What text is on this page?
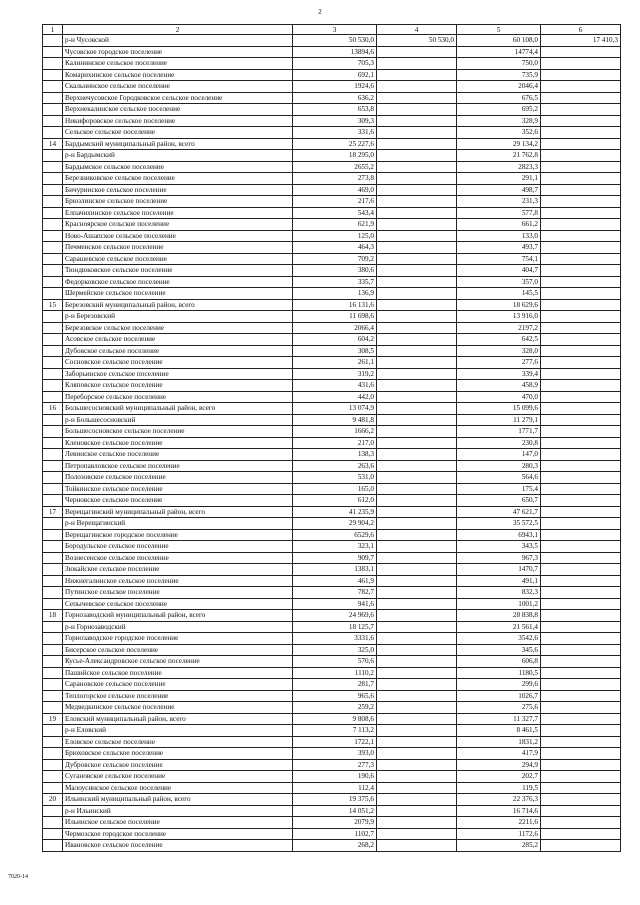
2
1	2	3	4	5	6
	р-н Чусовской	50 530,0	50 530,0	60 108,0	17 410,3
	Чусовское городское поселение	13894,6		14774,4	
	Калининское сельское поселение	705,3		750,0	
	Комарихинское сельское поселение	692,1		735,9	
	Скальнинское сельское поселение	1924,6		2046,4	
	Верхнечусовское Городковское сельское поселение	636,2		676,5	
	Верхнекалинское сельское поселение	653,8		695,2	
	Никифоровское сельское поселение	309,3		328,9	
	Сельское сельское поселение	331,6		352,6	
14	Бардымский муниципальный район, всего	25 227,6		29 134,2	
	р-н Бардымский	18 295,0		21 762,8	
	Бардымское сельское поселение	2655,2		2823,3	
	Березниковское сельское поселение	273,8		291,1	
	Бичуринское сельское поселение	469,0		498,7	
	Брюзлинское сельское поселение	217,6		231,3	
	Елпачихинское сельское поселение	543,4		577,8	
	Красноярское сельское поселение	621,9		661,2	
	Ново-Ашапское сельское поселение	125,0		133,0	
	Печменское сельское поселение	464,3		493,7	
	Сарашевское сельское поселение	709,2		754,1	
	Тюндюковское сельское поселение	380,6		404,7	
	Федорковское сельское поселение	335,7		357,0	
	Шермейское сельское поселение	136,9		145,5	
15	Березовский муниципальный район, всего	16 131,6		18 629,6	
	р-н Березовский	11 698,6		13 916,0	
	Березовское сельское поселение	2066,4		2197,2	
	Асовское сельское поселение	604,2		642,5	
	Дубовское сельское поселение	308,5		328,0	
	Сосновское сельское поселение	261,1		277,6	
	Заборьинское сельское поселение	319,2		339,4	
	Кляповское сельское поселение	431,6		458,9	
	Переборское сельское поселение	442,0		470,0	
16	Большесосновский муниципальный район, всего	13 074,9		15 099,6	
	р-н Большесосновский	9 481,8		11 279,1	
	Большесосновское сельское поселение	1666,2		1771,7	
	Кленовское сельское поселение	217,0		230,8	
	Левинское сельское поселение	138,3		147,0	
	Петропавловское сельское поселение	263,6		280,3	
	Полозовское сельское поселение	531,0		564,6	
	Тойкинское сельское поселение	165,0		175,4	
	Черновское сельское поселение	612,0		650,7	
17	Верещагинский муниципальный район, всего	41 235,9		47 621,7	
	р-н Верещагинский	29 904,2		35 572,5	
	Верещагинское городское поселение	6529,6		6943,1	
	Бородульское сельское поселение	323,1		343,5	
	Вознесенское сельское поселение	909,7		967,3	
	Зюкайское сельское поселение	1383,1		1470,7	
	Нижнегалинское сельское поселение	461,9		491,1	
	Путинское сельское поселение	782,7		832,3	
	Сепычевское сельское поселение	941,6		1001,2	
18	Горнозаводский муниципальный район, всего	24 969,6		28 838,8	
	р-н Горнозаводский	18 125,7		21 561,4	
	Горнозаводское городское поселение	3331,6		3542,6	
	Бисерское сельское поселение	325,0		345,6	
	Кусье-Александровское сельское поселение	570,6		606,8	
	Пашийское сельское поселение	1110,2		1180,5	
	Сарановское сельское поселение	281,7		299,6	
	Теплогорское сельское поселение	965,6		1026,7	
	Медведкинское сельское поселение	259,2		275,6	
19	Еловский муниципальный район, всего	9 808,6		11 327,7	
	р-н Еловский	7 113,2		8 461,5	
	Еловское сельское поселение	1722,1		1831,2	
	Брюховское сельское поселение	393,0		417,9	
	Дубровское сельское поселение	277,3		294,9	
	Сугановское сельское поселение	190,6		202,7	
	Малоусинское сельское поселение	112,4		119,5	
20	Ильинский муниципальный район, всего	19 375,6		22 376,3	
	р-н Ильинский	14 051,2		16 714,6	
	Ильинское сельское поселение	2079,9		2211,6	
	Чермозское городское поселение	1102,7		1172,6	
	Ивановское сельское поселение	268,2		285,2	
7020-14
